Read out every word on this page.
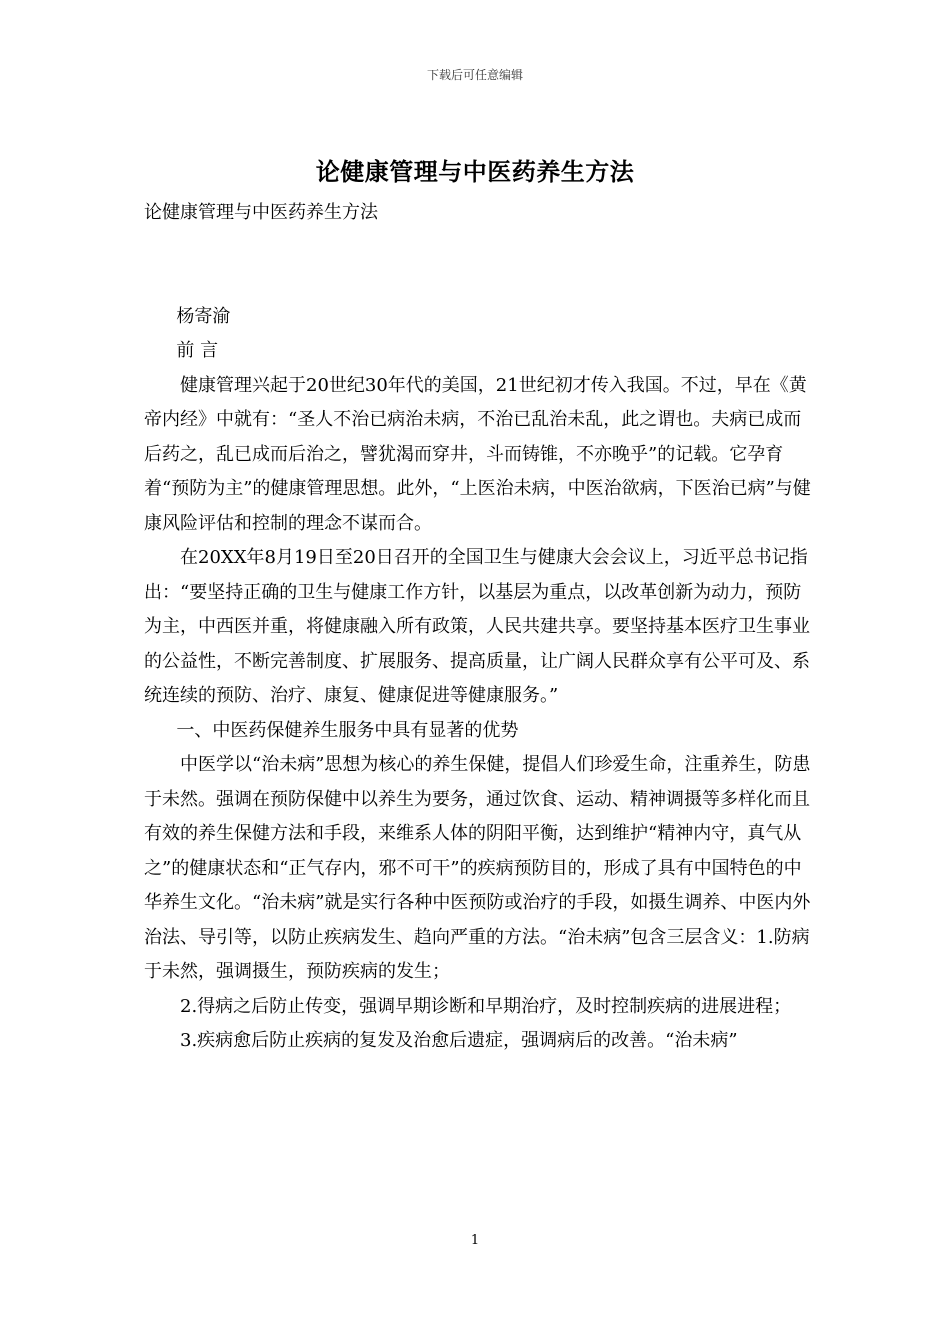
下载后可任意编辑
论健康管理与中医药养生方法

论健康管理与中医药养生方法

杨寄渝

前 言

健康管理兴起于20世纪30年代的美国，21世纪初才传入我国。不过，早在《黄帝内经》中就有：“圣人不治已病治未病，不治已乱治未乱，此之谓也。夫病已成而后药之，乱已成而后治之，譬犹渴而穿井，斗而铸锥，不亦晚乎”的记载。它孕育着“预防为主”的健康管理思想。此外，“上医治未病，中医治欲病，下医治已病”与健康风险评估和控制的理念不谋而合。

在20XX年8月19日至20日召开的全国卫生与健康大会会议上，习近平总书记指出：“要坚持正确的卫生与健康工作方针，以基层为重点，以改革创新为动力，预防为主，中西医并重，将健康融入所有政策，人民共建共享。要坚持基本医疗卫生事业的公益性，不断完善制度、扩展服务、提高质量，让广阔人民群众享有公平可及、系统连续的预防、治疗、康复、健康促进等健康服务。”

一、中医药保健养生服务中具有显著的优势

中医学以“治未病”思想为核心的养生保健，提倡人们珍爱生命，注重养生，防患于未然。强调在预防保健中以养生为要务，通过饮食、运动、精神调摄等多样化而且有效的养生保健方法和手段，来维系人体的阴阳平衡，达到维护“精神内守，真气从之”的健康状态和“正气存内，邪不可干”的疾病预防目的，形成了具有中国特色的中华养生文化。“治未病”就是实行各种中医预防或治疗的手段，如摄生调养、中医内外治法、导引等，以防止疾病发生、趋向严重的方法。“治未病”包含三层含义：1.防病于未然，强调摄生，预防疾病的发生；

2.得病之后防止传变，强调早期诊断和早期治疗，及时控制疾病的进展进程；

3.疾病愈后防止疾病的复发及治愈后遗症，强调病后的改善。“治未病”

1
